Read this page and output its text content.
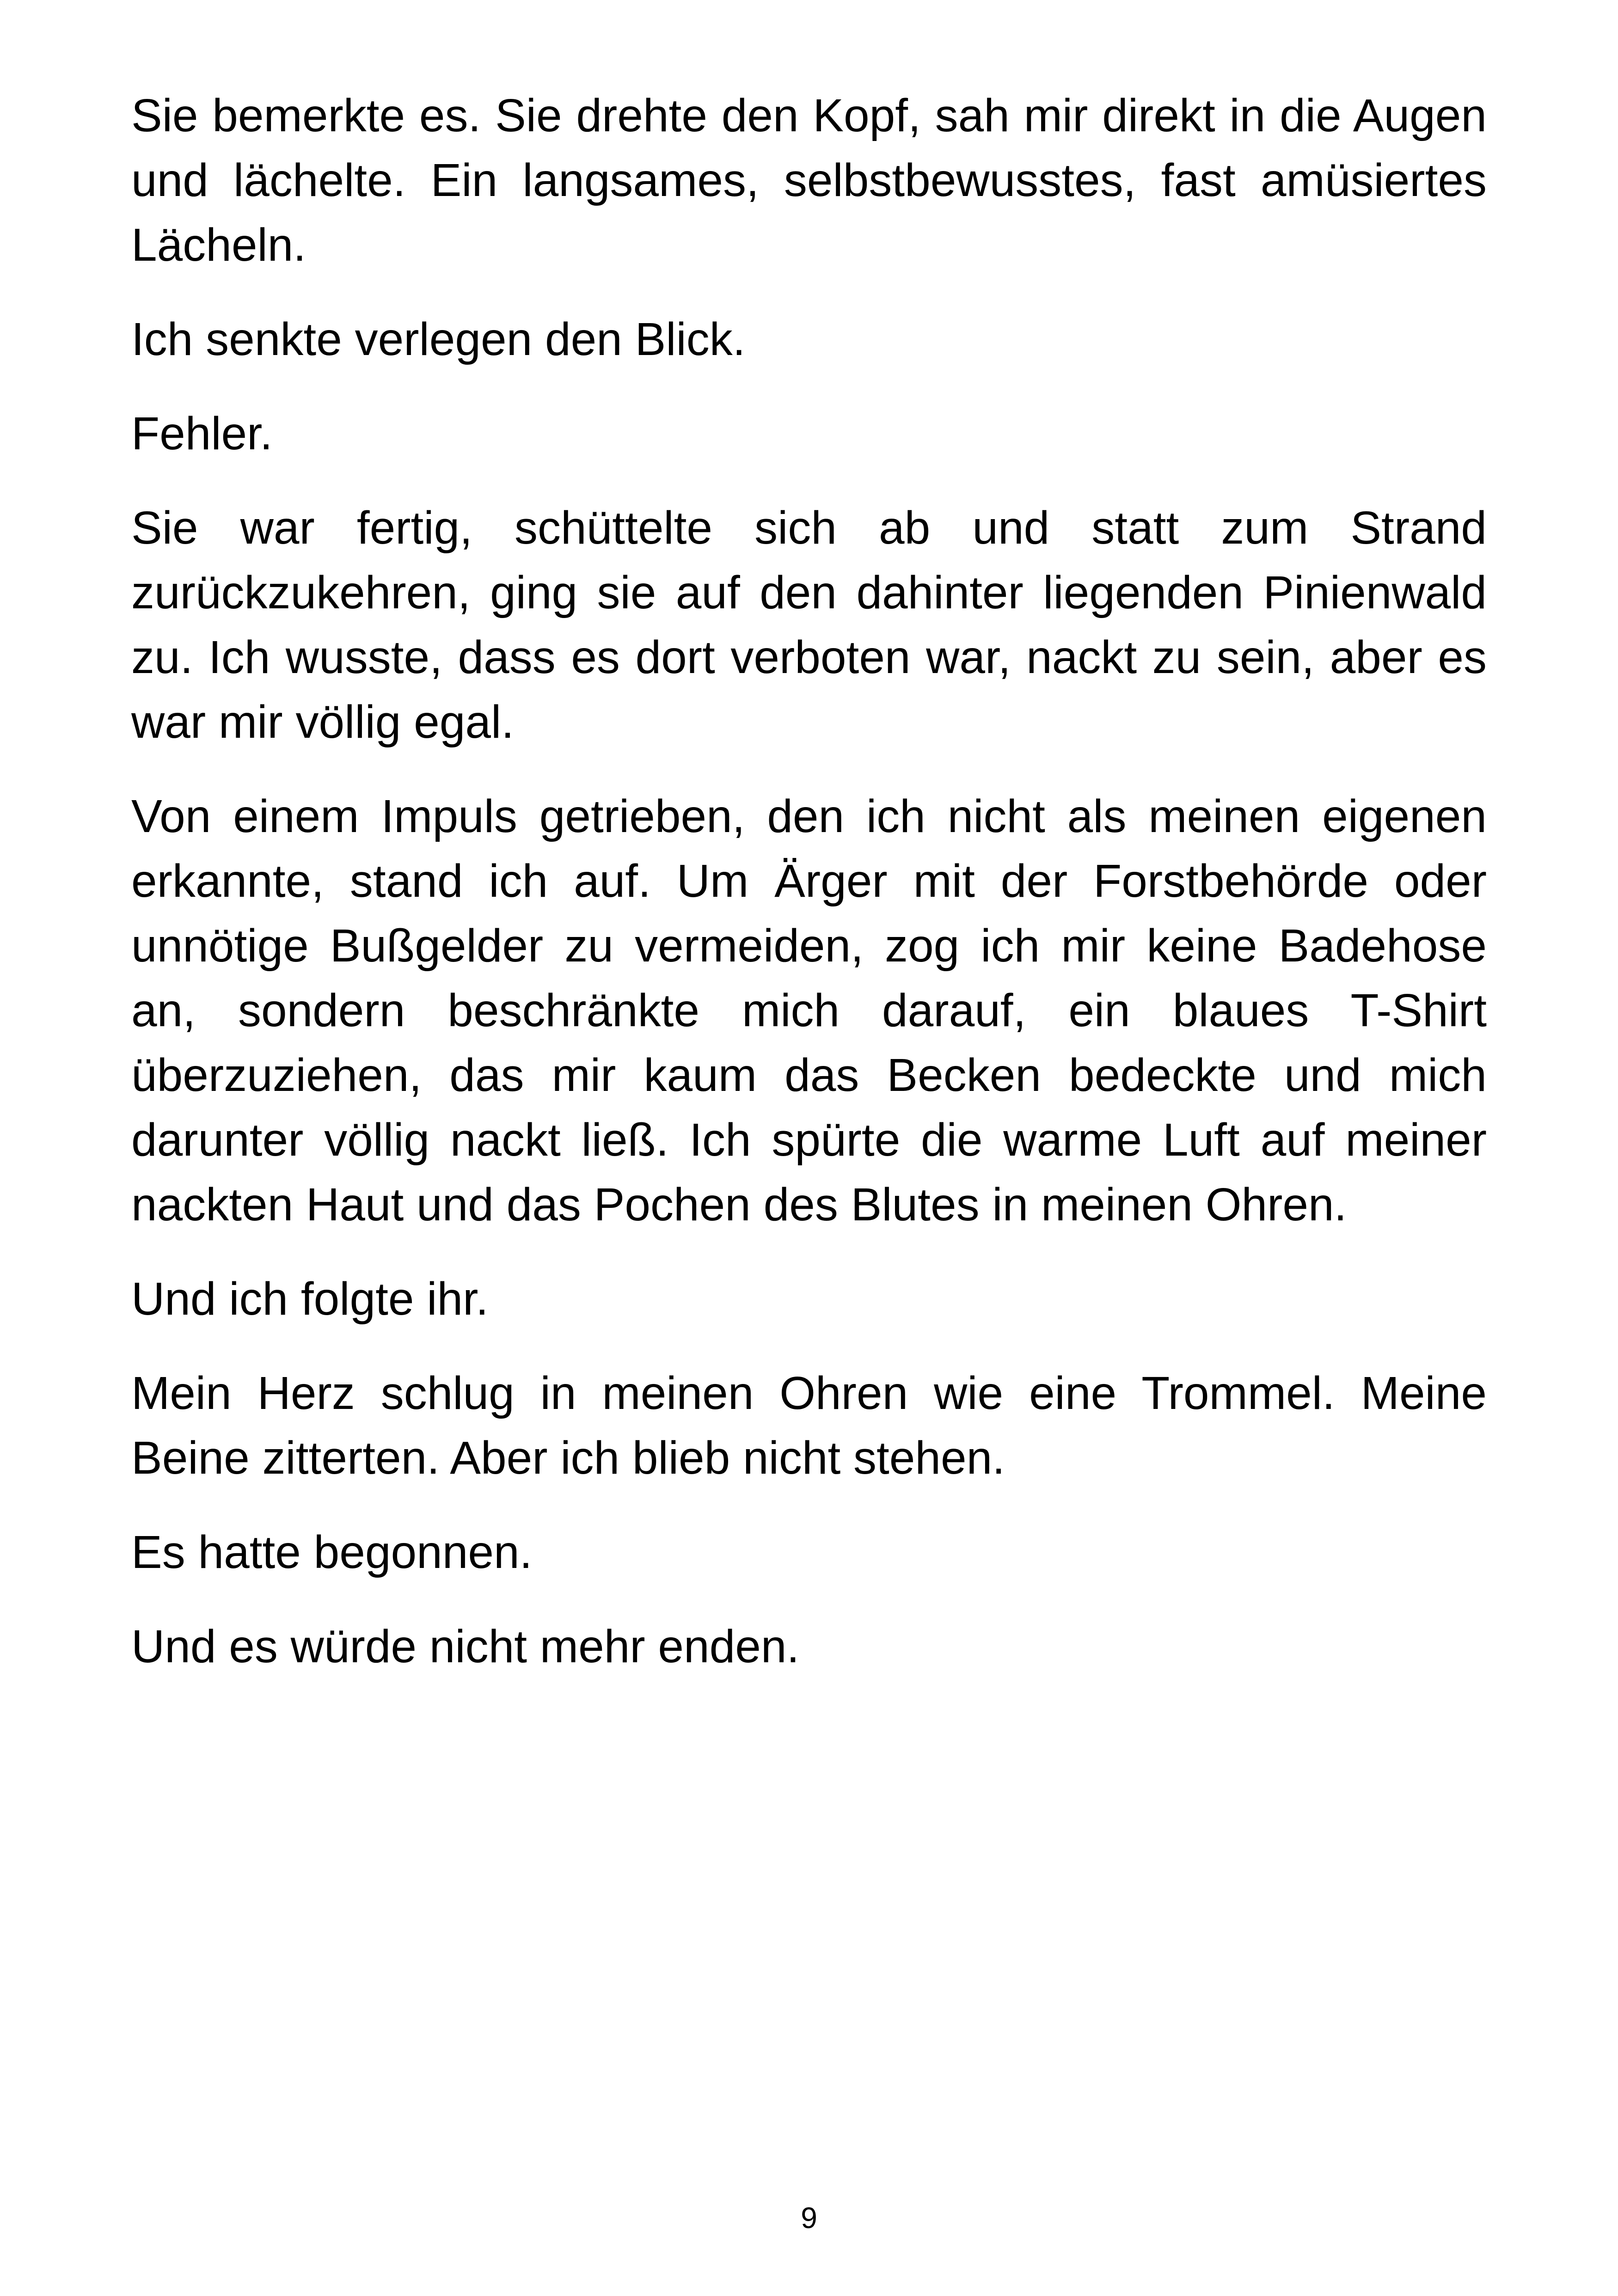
Sie bemerkte es. Sie drehte den Kopf, sah mir direkt in die Augen und lächelte. Ein langsames, selbstbewusstes, fast amüsiertes Lächeln.

Ich senkte verlegen den Blick.

Fehler.

Sie war fertig, schüttelte sich ab und statt zum Strand zurückzukehren, ging sie auf den dahinter liegenden Pinienwald zu. Ich wusste, dass es dort verboten war, nackt zu sein, aber es war mir völlig egal.

Von einem Impuls getrieben, den ich nicht als meinen eigenen erkannte, stand ich auf. Um Ärger mit der Forstbehörde oder unnötige Bußgelder zu vermeiden, zog ich mir keine Badehose an, sondern beschränkte mich darauf, ein blaues T-Shirt überzuziehen, das mir kaum das Becken bedeckte und mich darunter völlig nackt ließ. Ich spürte die warme Luft auf meiner nackten Haut und das Pochen des Blutes in meinen Ohren.

Und ich folgte ihr.

Mein Herz schlug in meinen Ohren wie eine Trommel. Meine Beine zitterten. Aber ich blieb nicht stehen.

Es hatte begonnen.

Und es würde nicht mehr enden.

9
